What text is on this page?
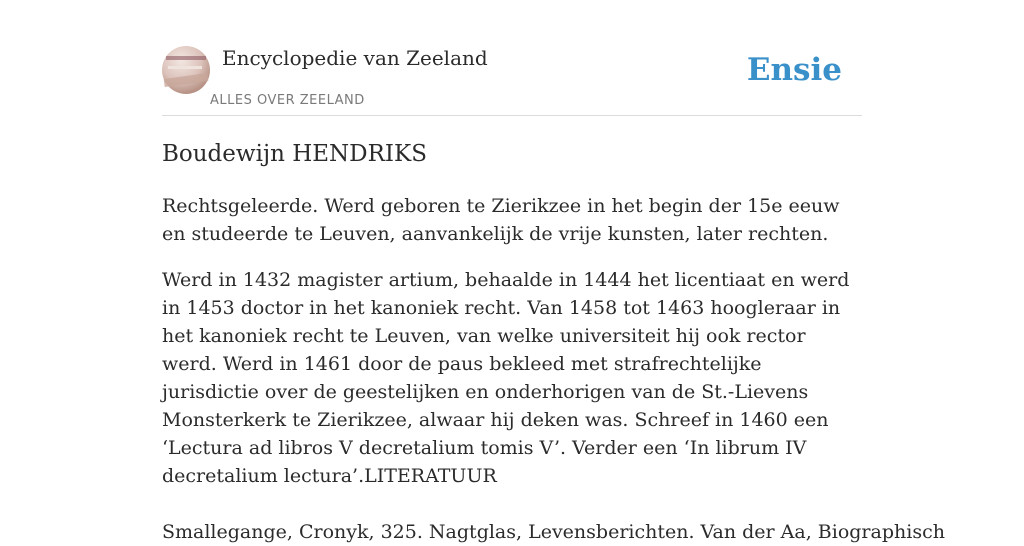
Encyclopedie van Zeeland
ALLES OVER ZEELAND
Ensie
Boudewijn HENDRIKS

Rechtsgeleerde. Werd geboren te Zierikzee in het begin der 15e eeuw en studeerde te Leuven, aanvankelijk de vrije kunsten, later rechten.

Werd in 1432 magister artium, behaalde in 1444 het licentiaat en werd in 1453 doctor in het kanoniek recht. Van 1458 tot 1463 hoogleraar in het kanoniek recht te Leuven, van welke universiteit hij ook rector werd. Werd in 1461 door de paus bekleed met strafrechtelijke jurisdictie over de geestelijken en onderhorigen van de St.-Lievens Monsterkerk te Zierikzee, alwaar hij deken was. Schreef in 1460 een ‘Lectura ad libros V decretalium tomis V’. Verder een ‘In librum IV decretalium lectura’.LITERATUUR

Smallegange, Cronyk, 325. Nagtglas, Levensberichten. Van der Aa, Biographisch
